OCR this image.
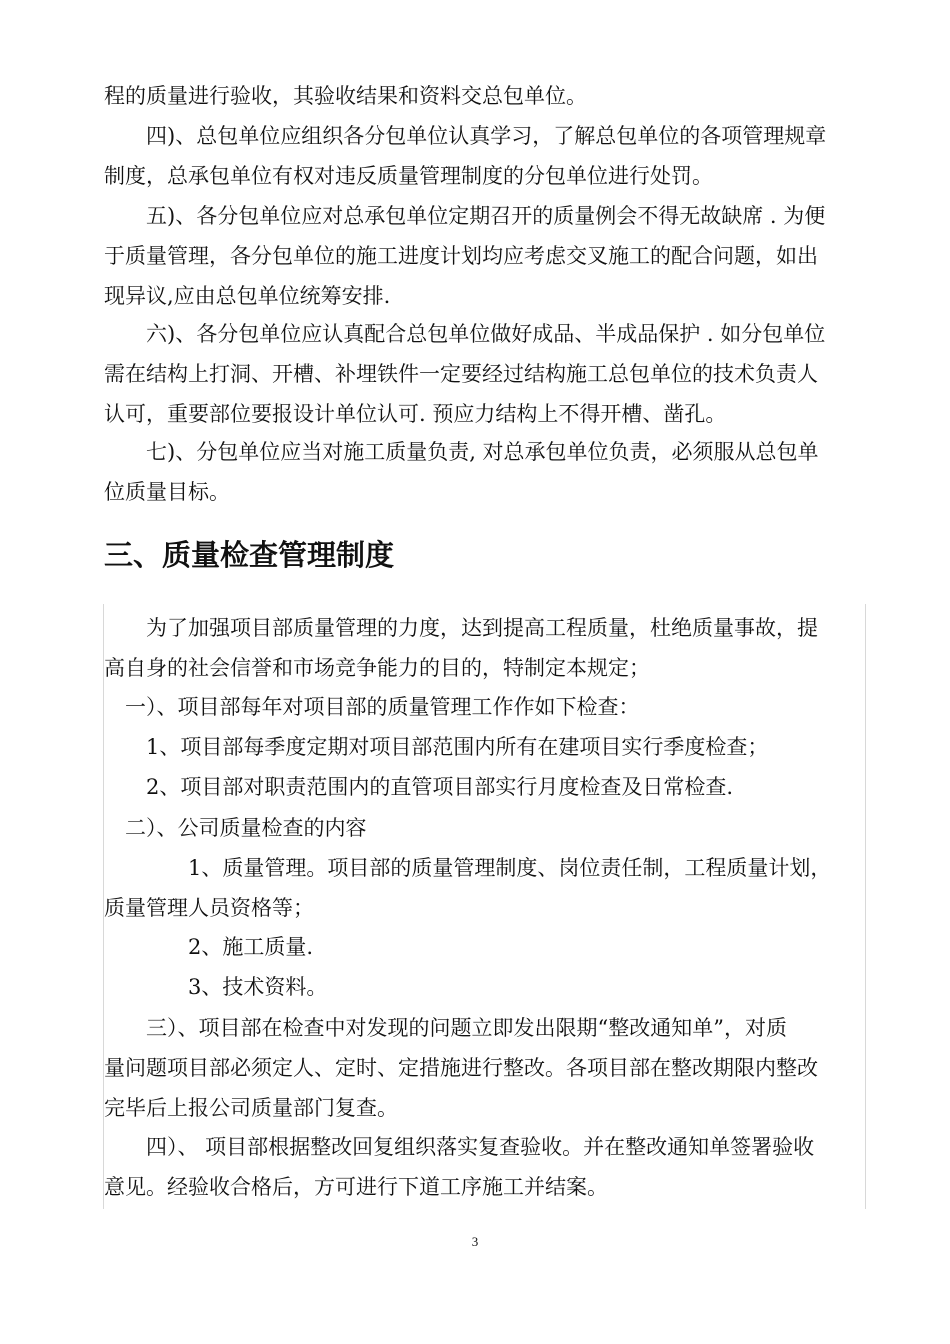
程的质量进行验收，其验收结果和资料交总包单位。

　　四)、总包单位应组织各分包单位认真学习，了解总包单位的各项管理规章
制度，总承包单位有权对违反质量管理制度的分包单位进行处罚。

　　五)、各分包单位应对总承包单位定期召开的质量例会不得无故缺席 . 为便
于质量管理，各分包单位的施工进度计划均应考虑交叉施工的配合问题，如出
现异议,应由总包单位统筹安排.

　　六)、各分包单位应认真配合总包单位做好成品、半成品保护 . 如分包单位
需在结构上打洞、开槽、补埋铁件一定要经过结构施工总包单位的技术负责人
认可，重要部位要报设计单位认可. 预应力结构上不得开槽、凿孔。

　　七)、分包单位应当对施工质量负责, 对总承包单位负责，必须服从总包单
位质量目标。

三、质量检查管理制度

　　为了加强项目部质量管理的力度，达到提高工程质量，杜绝质量事故，提
高自身的社会信誉和市场竞争能力的目的，特制定本规定；

　一）、项目部每年对项目部的质量管理工作作如下检查：

　　1、项目部每季度定期对项目部范围内所有在建项目实行季度检查；

　　2、项目部对职责范围内的直管项目部实行月度检查及日常检查.

　二）、公司质量检查的内容

　　　　1、质量管理。项目部的质量管理制度、岗位责任制，工程质量计划，
质量管理人员资格等；

　　　　2、施工质量.

　　　　3、技术资料。

　　三）、项目部在检查中对发现的问题立即发出限期“整改通知单”，对质
量问题项目部必须定人、定时、定措施进行整改。各项目部在整改期限内整改
完毕后上报公司质量部门复查。

　　四）、 项目部根据整改回复组织落实复查验收。并在整改通知单签署验收
意见。经验收合格后，方可进行下道工序施工并结案。

3
